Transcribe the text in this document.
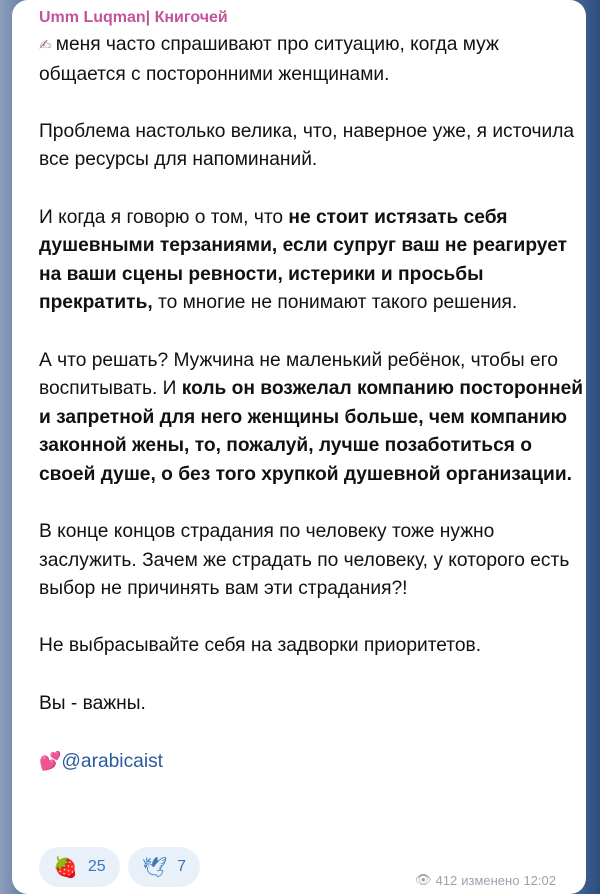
Umm Luqman| Книгочей

✍ меня часто спрашивают про ситуацию, когда муж общается с посторонними женщинами.

Проблема настолько велика, что, наверное уже, я источила все ресурсы для напоминаний.

И когда я говорю о том, что не стоит истязать себя душевными терзаниями, если супруг ваш не реагирует на ваши сцены ревности, истерики и просьбы прекратить, то многие не понимают такого решения.

А что решать? Мужчина не маленький ребёнок, чтобы его воспитывать. И коль он возжелал компанию посторонней и запретной для него женщины больше, чем компанию законной жены, то, пожалуй, лучше позаботиться о своей душе, о без того хрупкой душевной организации.

В конце концов страдания по человеку тоже нужно заслужить. Зачем же страдать по человеку, у которого есть выбор не причинять вам эти страдания?!

Не выбрасывайте себя на задворки приоритетов.

Вы - важны.

💕@arabicaist

🍓 25 🕊 7
👁 412 изменено 12:02
